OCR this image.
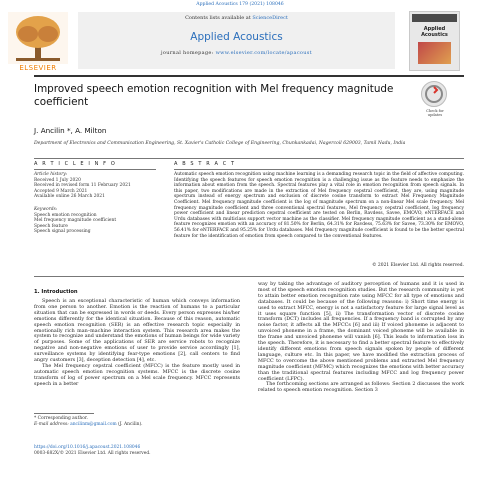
Applied Acoustics 179 (2021) 108046
ELSEVIER
Contents lists available at ScienceDirect
Applied Acoustics
journal homepage: www.elsevier.com/locate/apacoust
Applied Acoustics
Improved speech emotion recognition with Mel frequency magnitude coefficient
Check for updates
J. Ancilin *, A. Milton
Department of Electronics and Communication Engineering, St. Xavier's Catholic College of Engineering, Chunkankadai, Nagercoil 629003, Tamil Nadu, India
A R T I C L E I N F O	A B S T R A C T
Article history:
Received 1 July 2020
Received in revised form 11 February 2021
Accepted 9 March 2021
Available online 26 March 2021
Keywords:
Speech emotion recognition
Mel frequency magnitude coefficient
Speech feature
Speech signal processing
Automatic speech emotion recognition using machine learning is a demanding research topic in the field of affective computing. Identifying the speech features for speech emotion recognition is a challenging issue as the feature needs to emphasize the information about emotion from the speech. Spectral features play a vital role in emotion recognition from speech signals. In this paper, two modifications are made in the extraction of Mel frequency cepstral coefficient, they are, using magnitude spectrum instead of energy spectrum and exclusion of discrete cosine transform to extract Mel Frequency Magnitude Coefficient. Mel frequency magnitude coefficient is the log of magnitude spectrum on a non-linear Mel scale frequency. Mel frequency magnitude coefficient and three conventional spectral features, Mel frequency cepstral coefficient, log frequency power coefficient and linear prediction cepstral coefficient are tested on Berlin, Ravdess, Savee, EMOVO, eNTERFACE and Urdu databases with multiclass support vector machine as the classifier. Mel frequency magnitude coefficient as a stand-alone feature recognizes emotion with an accuracy of 81.50% for Berlin, 64.31% for Ravdess, 75.63% for Savee, 73.30% for EMOVO, 56.41% for eNTERFACE and 95.25% for Urdu databases. Mel frequency magnitude coefficient is found to be the better spectral feature for the identification of emotion from speech compared to the conventional features.
© 2021 Elsevier Ltd. All rights reserved.
1. Introduction

Speech is an exceptional characteristic of human which conveys information from one person to another. Emotion is the reaction of humans to a particular situation that can be expressed in words or deeds. Every person expresses his/her emotions differently for the identical situation. Because of this reason, automatic speech emotion recognition (SER) is an effective research topic especially in emotionally rich man–machine interaction system. This research area makes the system to recognize and understand the emotions of human beings for wide variety of purposes. Some of the applications of SER are service robots to recognize negative and non-negative emotions of user to provide service accordingly [1], surveillance systems by identifying fear-type emotions [2], call centers to find angry customers [3], deception detection [4], etc.

The Mel frequency cepstral coefficient (MFCC) is the feature mostly used in automatic speech emotion recognition systems. MFCC is the discrete cosine transform of log of power spectrum on a Mel scale frequency. MFCC represents speech in a better

way by taking the advantage of auditory perception of humans and it is used in most of the speech emotion recognition studies. But the research community is yet to attain better emotion recognition rate using MFCC for all type of emotions and databases. It could be because of the following reasons: i) Short time energy is used to extract MFCC, energy is not a satisfactory feature for large signal level as it uses square function [5], ii) The transformation vector of discrete cosine transform (DCT) includes all frequencies. If a frequency band is corrupted by any noise factor, it affects all the MFCCs [6] and iii) If voiced phoneme is adjacent to unvoiced phoneme in a frame, the dominant voiced phoneme will be available in the frame and unvoiced phoneme will vanish [6]. This leads to information loss in the speech. Therefore, it is necessary to find a better spectral feature to effectively identify different emotions from speech signals spoken by people of different language, culture etc. In this paper, we have modified the extraction process of MFCC to overcome the above mentioned problems and extracted Mel frequency magnitude coefficient (MFMC) which recognizes the emotions with better accuracy than the traditional spectral features including MFCC and log frequency power coefficient (LFPC).

The forthcoming sections are arranged as follows: Section 2 discusses the work related to speech emotion recognition. Section 3

* Corresponding author.
E-mail address: ancilinm@gmail.com (J. Ancilin).
https://doi.org/10.1016/j.apacoust.2021.108046
0003-682X/© 2021 Elsevier Ltd. All rights reserved.
